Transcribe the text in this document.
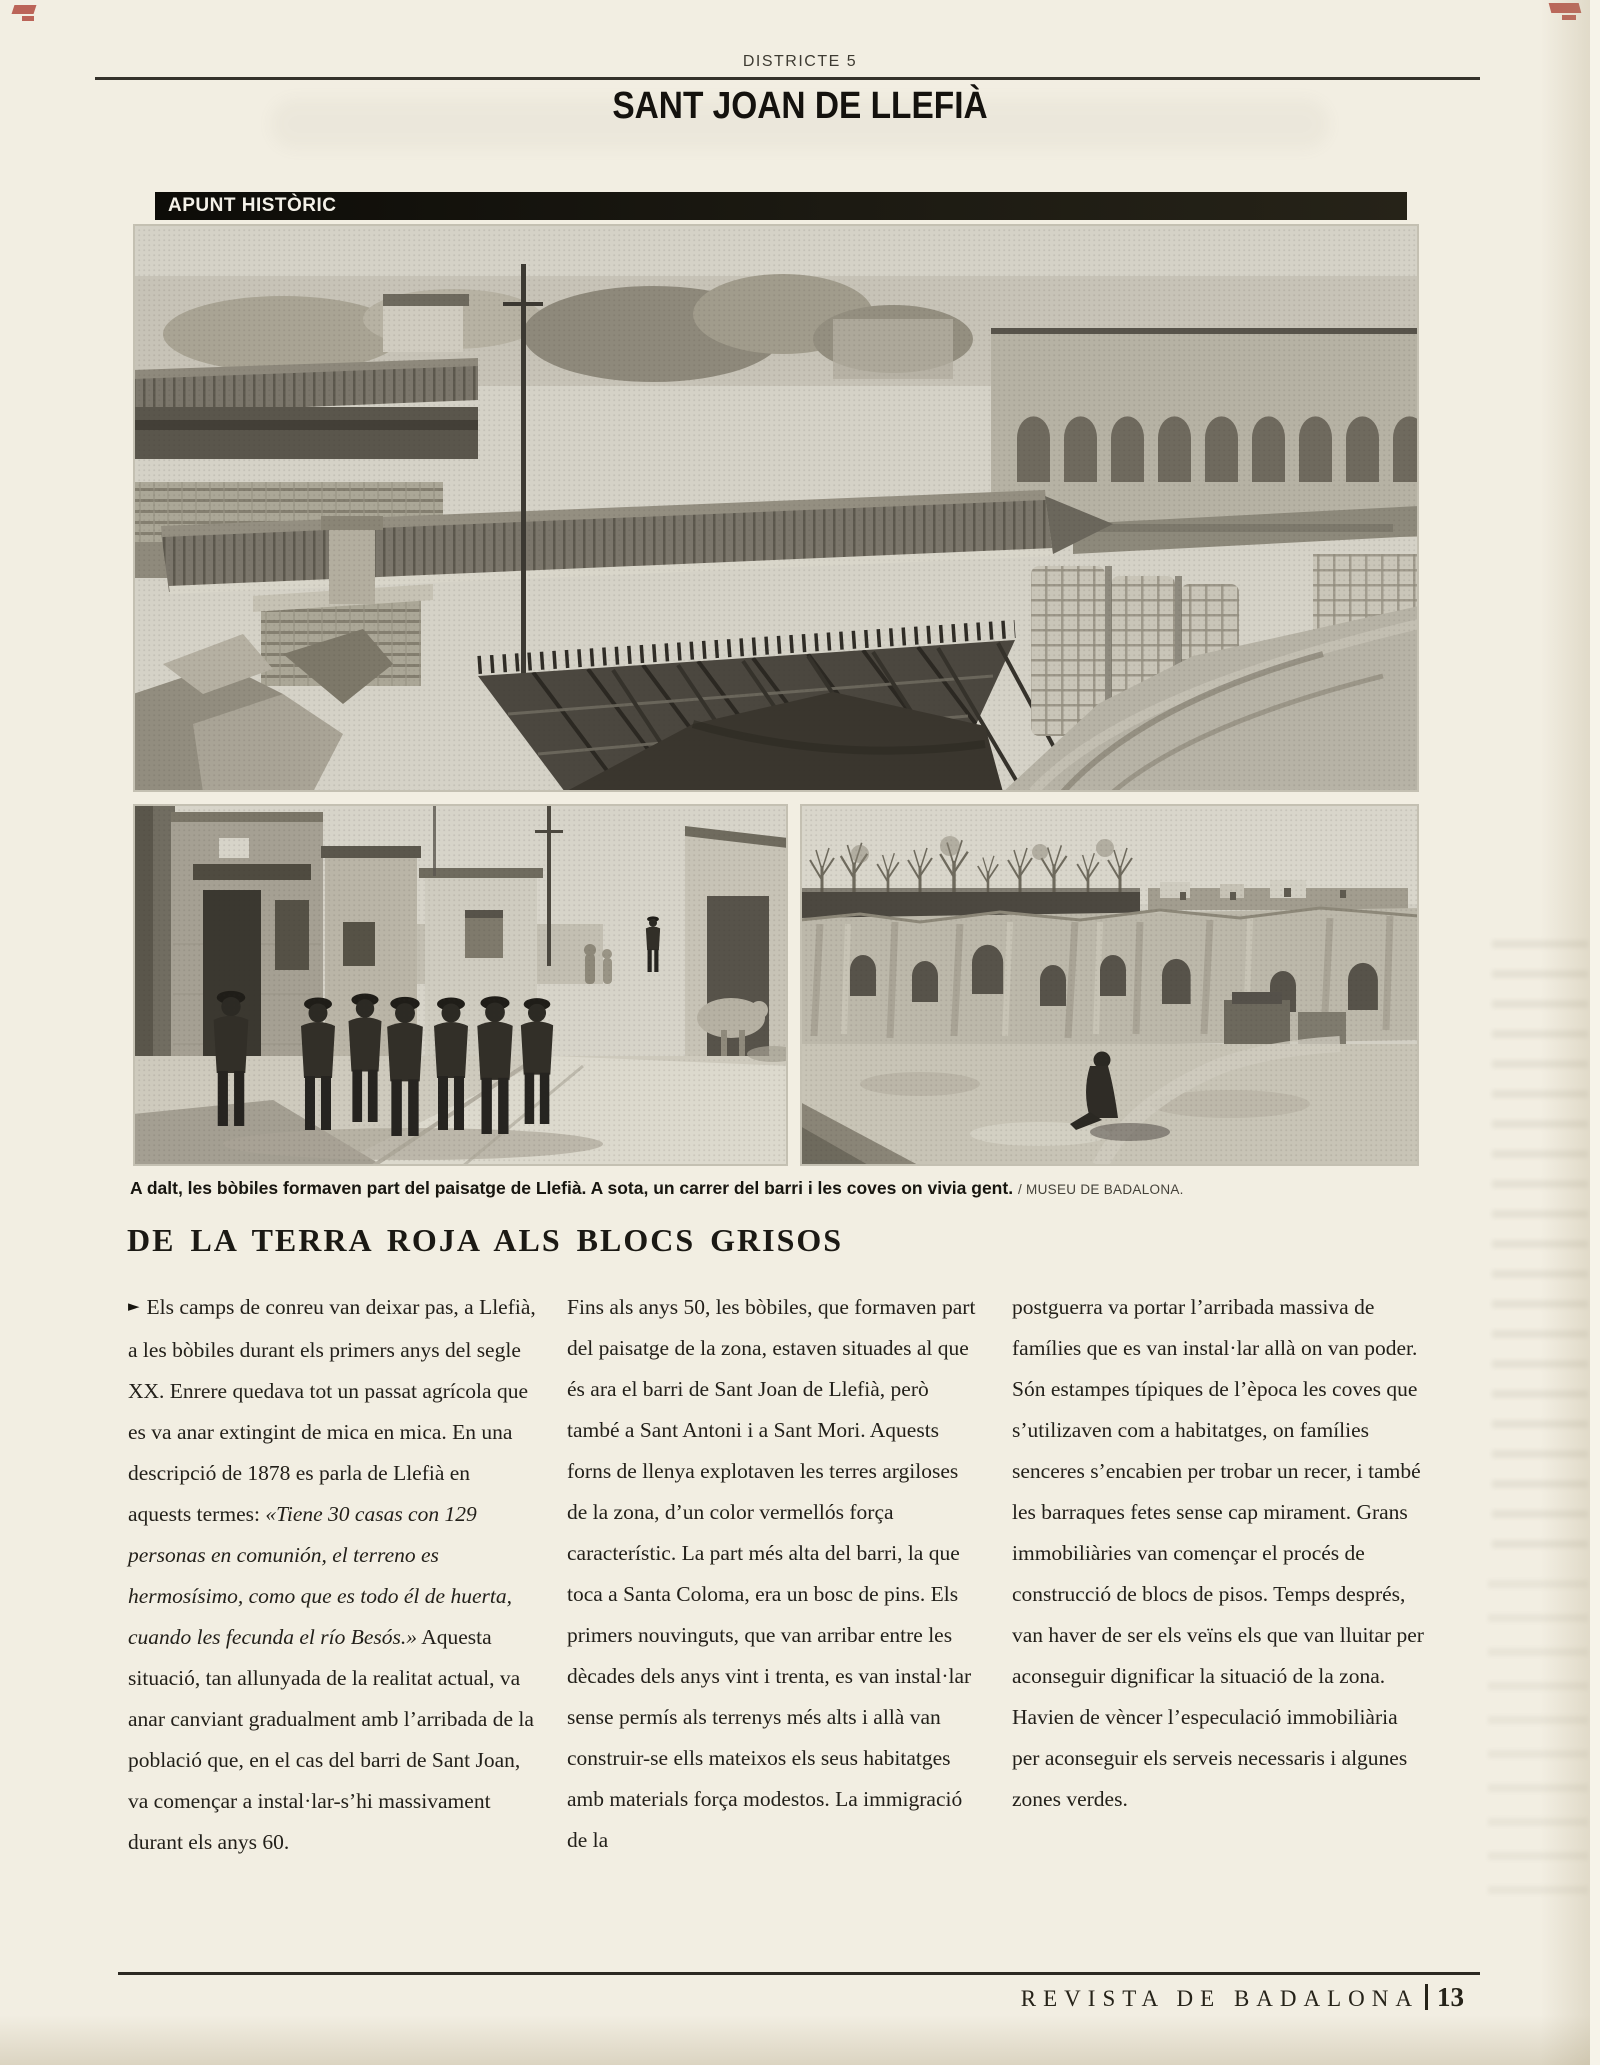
DISTRICTE 5
SANT JOAN DE LLEFIÀ
APUNT HISTÒRIC
A dalt, les bòbiles formaven part del paisatge de Llefià. A sota, un carrer del barri i les coves on vivia gent. / MUSEU DE BADALONA.
DE LA TERRA ROJA ALS BLOCS GRISOS
► Els camps de conreu van deixar pas, a Llefià, a les bòbiles durant els primers anys del segle XX. Enrere quedava tot un passat agrícola que es va anar extingint de mica en mica. En una descripció de 1878 es parla de Llefià en aquests termes: «Tiene 30 casas con 129 personas en comunión, el terreno es hermosísimo, como que es todo él de huerta, cuando les fecunda el río Besós.» Aquesta situació, tan allunyada de la realitat actual, va anar canviant gradualment amb l’arribada de la població que, en el cas del barri de Sant Joan, va començar a instal·lar-s’hi massivament durant els anys 60.
Fins als anys 50, les bòbiles, que formaven part del paisatge de la zona, estaven situades al que és ara el barri de Sant Joan de Llefià, però també a Sant Antoni i a Sant Mori. Aquests forns de llenya explotaven les terres argiloses de la zona, d’un color vermellós força característic. La part més alta del barri, la que toca a Santa Coloma, era un bosc de pins. Els primers nouvinguts, que van arribar entre les dècades dels anys vint i trenta, es van instal·lar sense permís als terrenys més alts i allà van construir-se ells mateixos els seus habitatges amb materials força modestos. La immigració de la
postguerra va portar l’arribada massiva de famílies que es van instal·lar allà on van poder. Són estampes típiques de l’època les coves que s’utilizaven com a habitatges, on famílies senceres s’encabien per trobar un recer, i també les barraques fetes sense cap mirament. Grans immobiliàries van començar el procés de construcció de blocs de pisos. Temps després, van haver de ser els veïns els que van lluitar per aconseguir dignificar la situació de la zona. Havien de vèncer l’especulació immobiliària per aconseguir els serveis necessaris i algunes zones verdes.
REVISTA DE BADALONA 13
